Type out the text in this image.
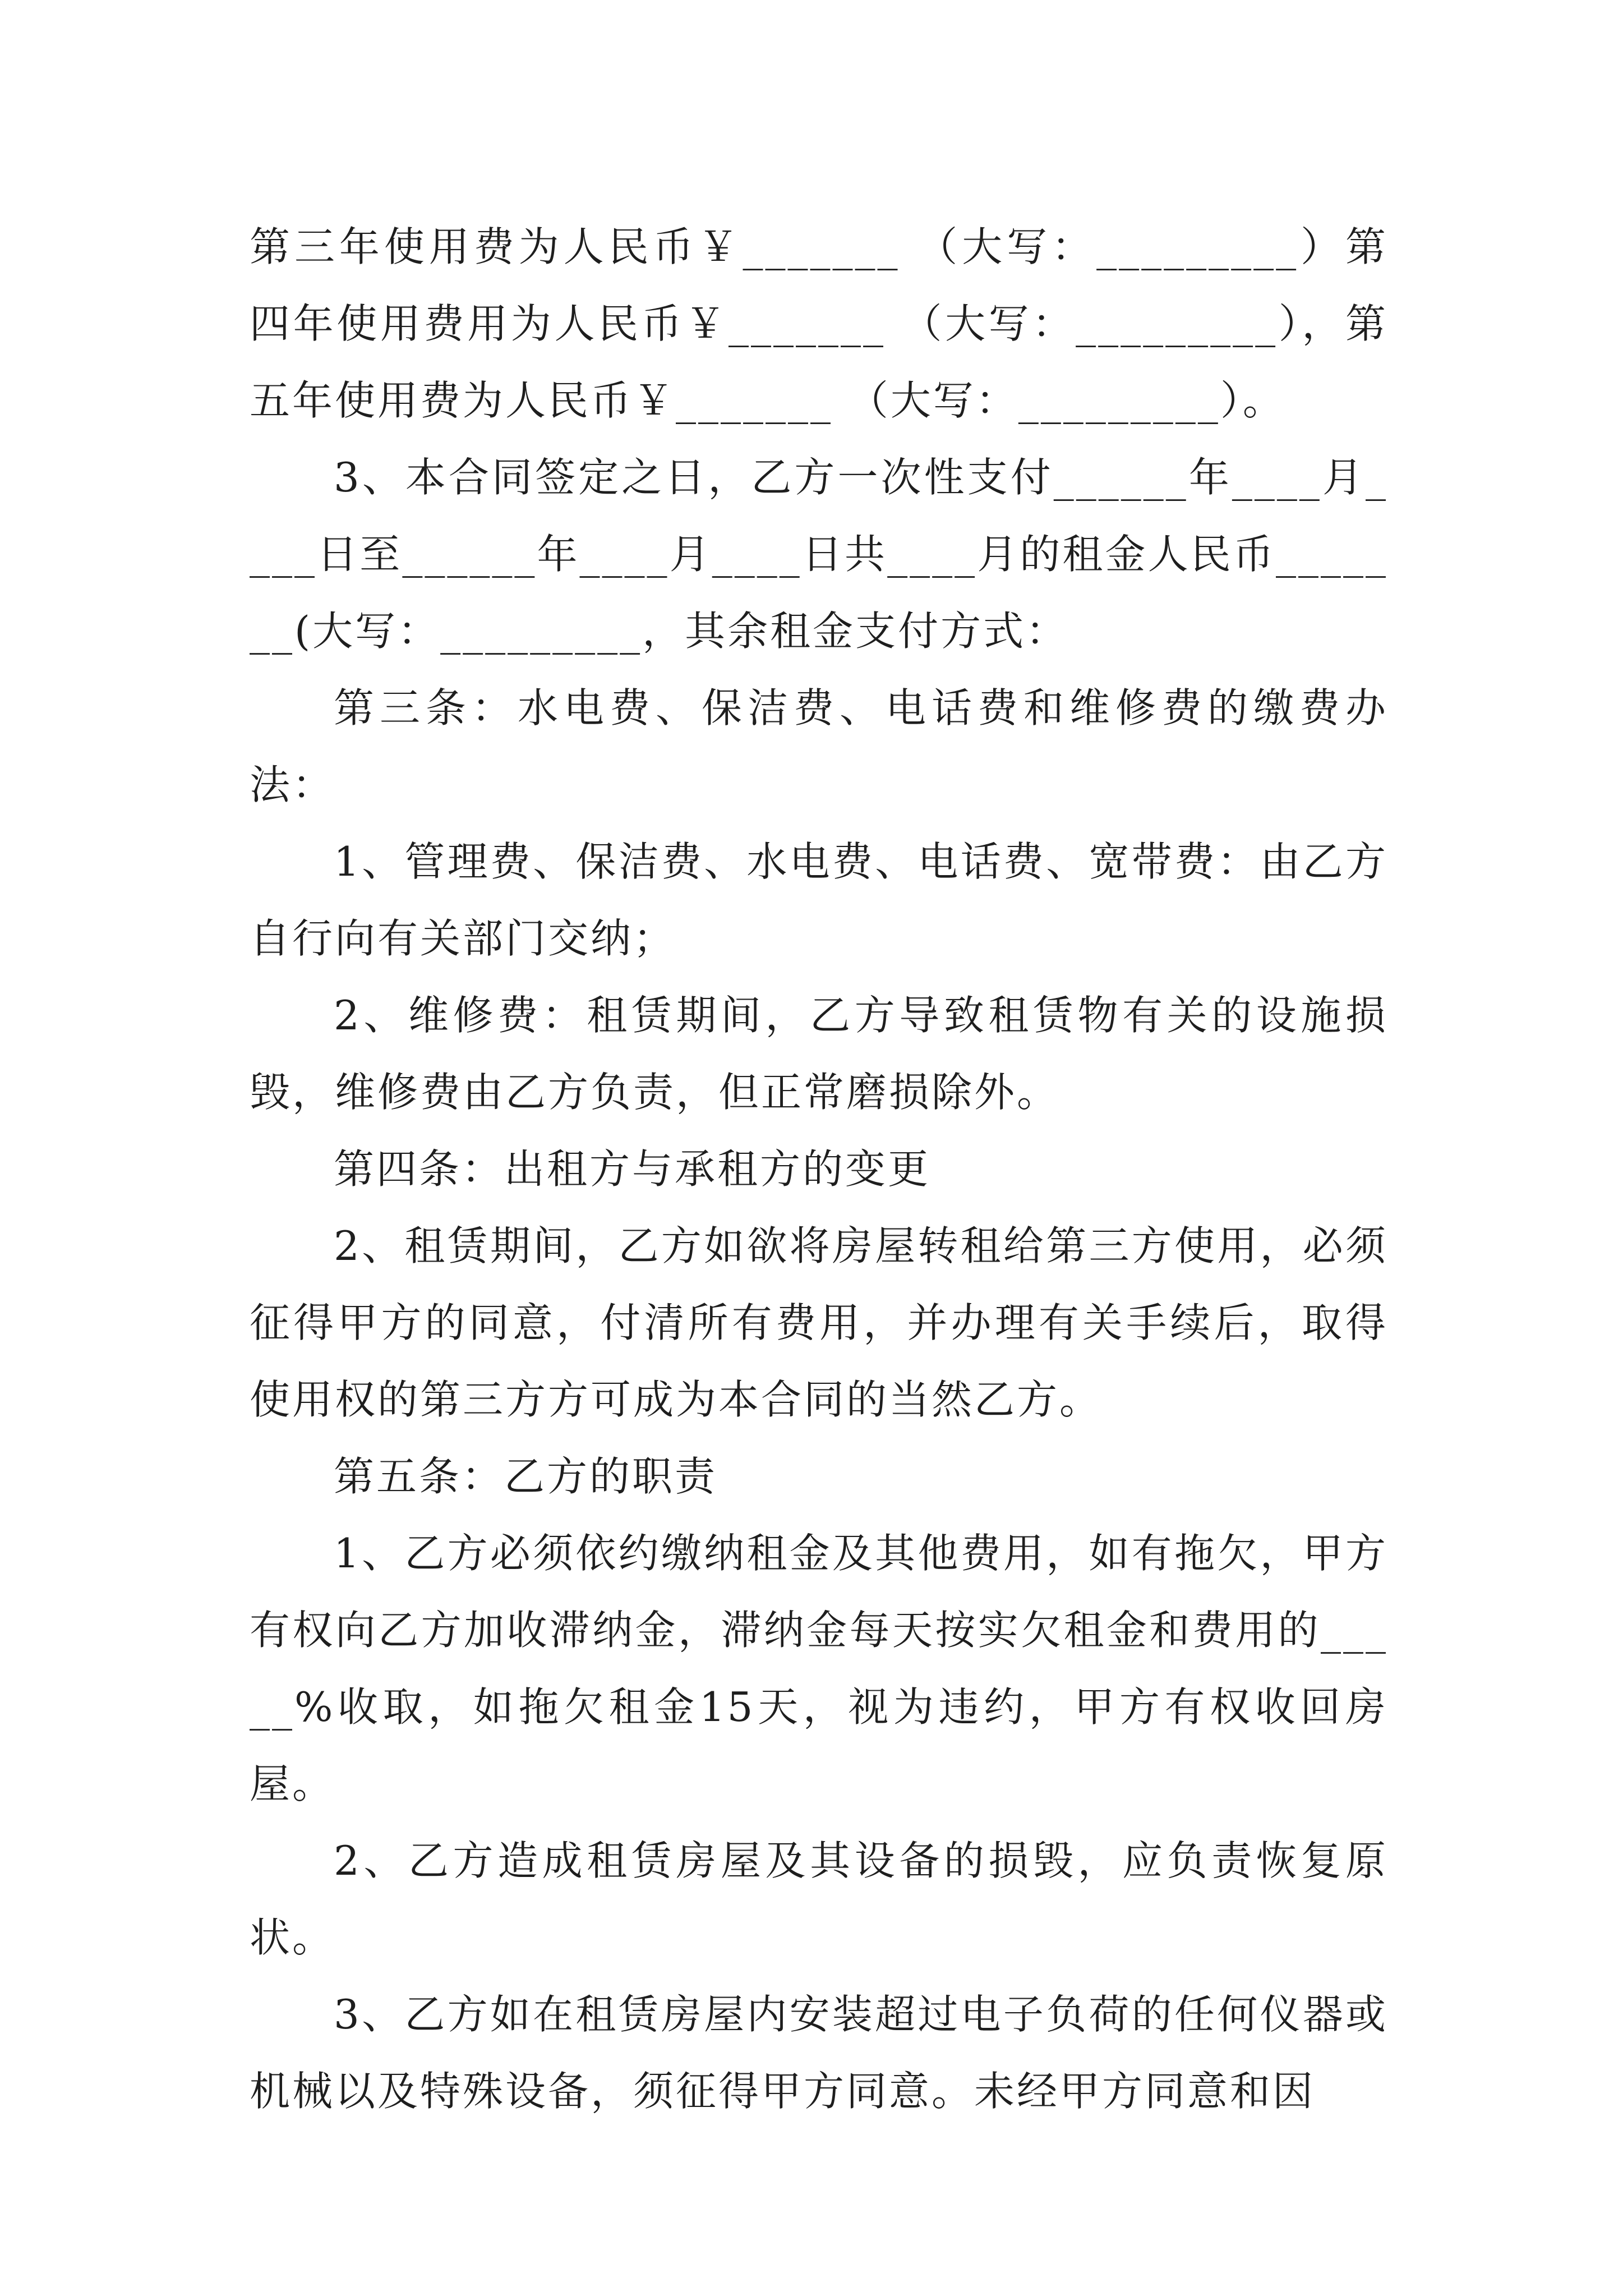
第三年使用费为人民币￥_______ （大写：_________）第四年使用费用为人民币￥_______ （大写：_________），第五年使用费为人民币￥_______ （大写：_________）。

3、本合同签定之日，乙方一次性支付______年____月____日至______年____月____日共____月的租金人民币_______(大写：_________，其余租金支付方式：

第三条：水电费、保洁费、电话费和维修费的缴费办法：

1、管理费、保洁费、水电费、电话费、宽带费：由乙方自行向有关部门交纳；

2、维修费：租赁期间，乙方导致租赁物有关的设施损毁，维修费由乙方负责，但正常磨损除外。

第四条：出租方与承租方的变更

2、租赁期间，乙方如欲将房屋转租给第三方使用，必须征得甲方的同意，付清所有费用，并办理有关手续后，取得使用权的第三方方可成为本合同的当然乙方。

第五条：乙方的职责

1、乙方必须依约缴纳租金及其他费用，如有拖欠，甲方有权向乙方加收滞纳金，滞纳金每天按实欠租金和费用的_____%收取，如拖欠租金15天，视为违约，甲方有权收回房屋。

2、乙方造成租赁房屋及其设备的损毁，应负责恢复原状。

3、乙方如在租赁房屋内安装超过电子负荷的任何仪器或机械以及特殊设备，须征得甲方同意。未经甲方同意和因
